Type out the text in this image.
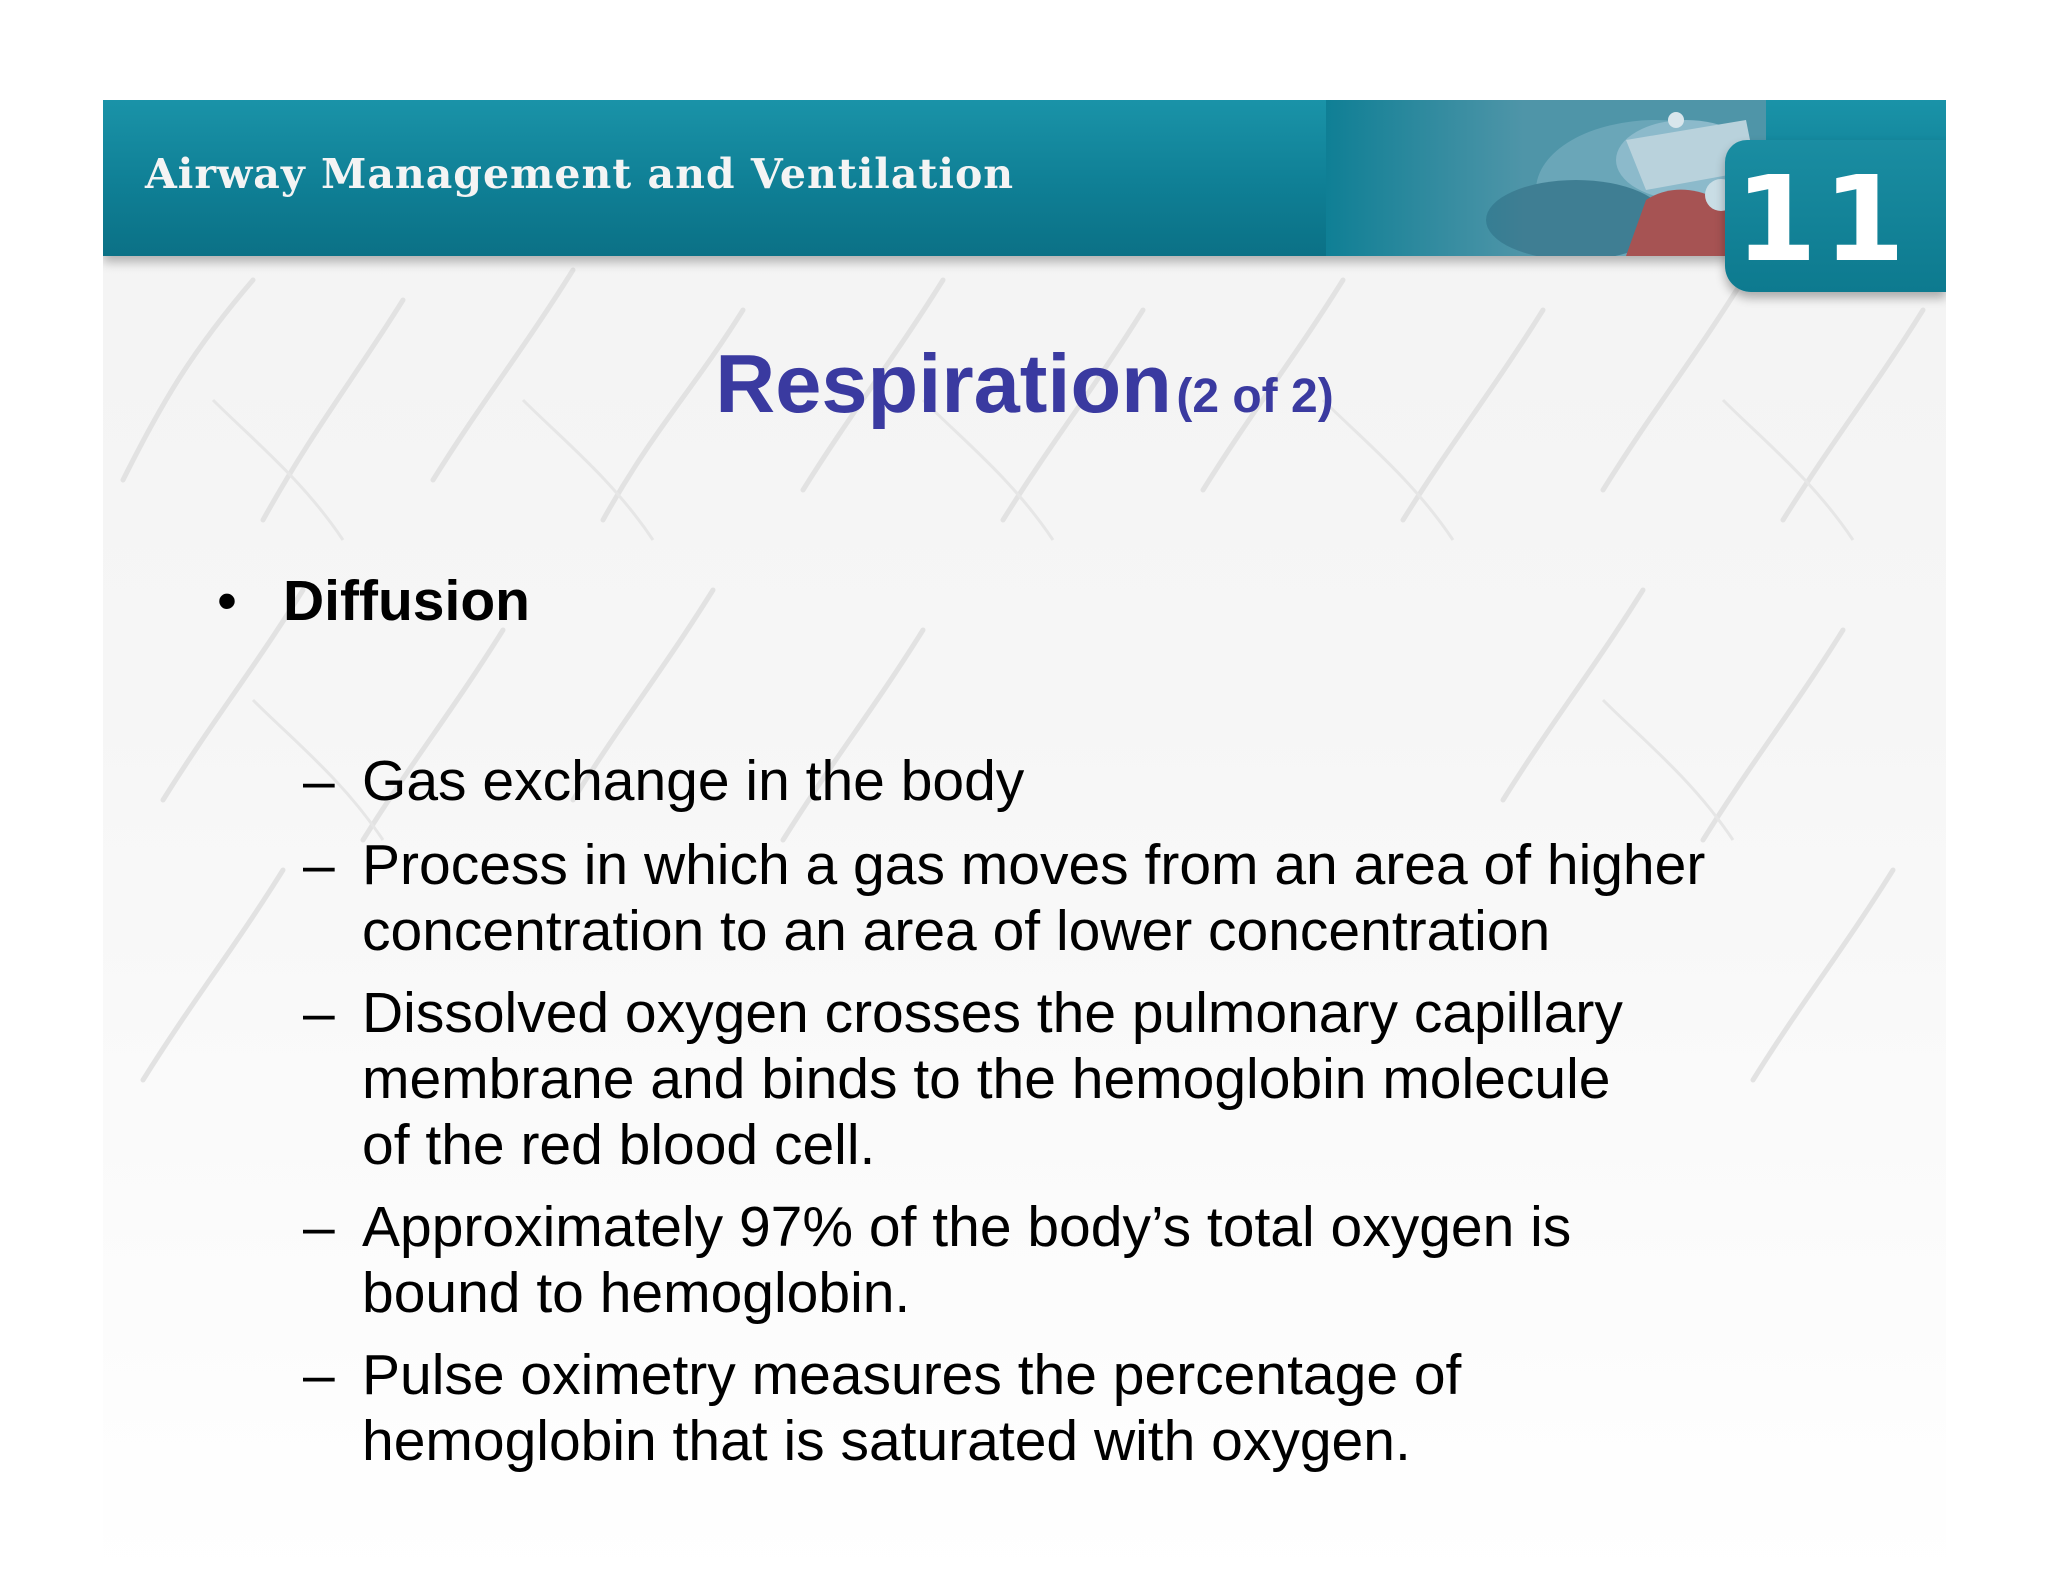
Airway Management and Ventilation	11
Respiration (2 of 2)
• Diffusion
– Gas exchange in the body
– Process in which a gas moves from an area of higher
concentration to an area of lower concentration
– Dissolved oxygen crosses the pulmonary capillary
membrane and binds to the hemoglobin molecule
of the red blood cell.
– Approximately 97% of the body’s total oxygen is
bound to hemoglobin.
– Pulse oximetry measures the percentage of
hemoglobin that is saturated with oxygen.
